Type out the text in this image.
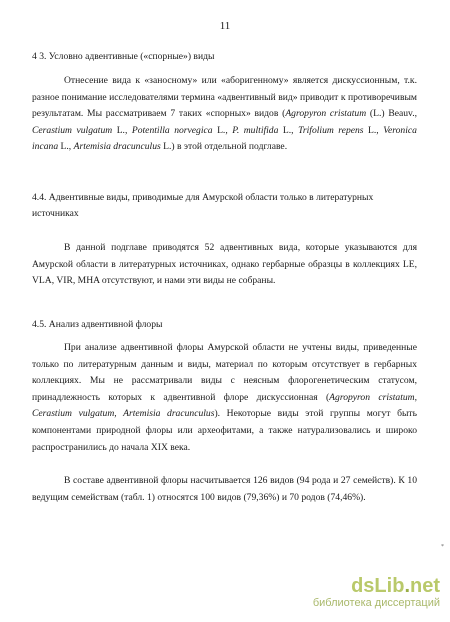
11
4 3. Условно адвентивные («спорные») виды
Отнесение вида к «заносному» или «аборигенному» является дискуссионным, т.к. разное понимание исследователями термина «адвентивный вид» приводит к противоречивым результатам. Мы рассматриваем 7 таких «спорных» видов (Agropyron cristatum (L.) Beauv., Cerastium vulgatum L., Potentilla norvegica L., P. multifida L., Trifolium repens L., Veronica incana L., Artemisia dracunculus L.) в этой отдельной подглаве.
4.4. Адвентивные виды, приводимые для Амурской области только в литературных источниках
В данной подглаве приводятся 52 адвентивных вида, которые указываются для Амурской области в литературных источниках, однако гербарные образцы в коллекциях LE, VLA, VIR, MHA отсутствуют, и нами эти виды не собраны.
4.5. Анализ адвентивной флоры
При анализе адвентивной флоры Амурской области не учтены виды, приведенные только по литературным данным и виды, материал по которым отсутствует в гербарных коллекциях. Мы не рассматривали виды с неясным флорогенетическим статусом, принадлежность которых к адвентивной флоре дискуссионная (Agropyron cristatum, Cerastium vulgatum, Artemisia dracunculus). Некоторые виды этой группы могут быть компонентами природной флоры или археофитами, а также натурализовались и широко распространились до начала XIX века.
В составе адвентивной флоры насчитывается 126 видов (94 рода и 27 семейств). К 10 ведущим семействам (табл. 1) относятся 100 видов (79,36%) и 70 родов (74,46%).
*
dsLib.net
библиотека диссертаций
